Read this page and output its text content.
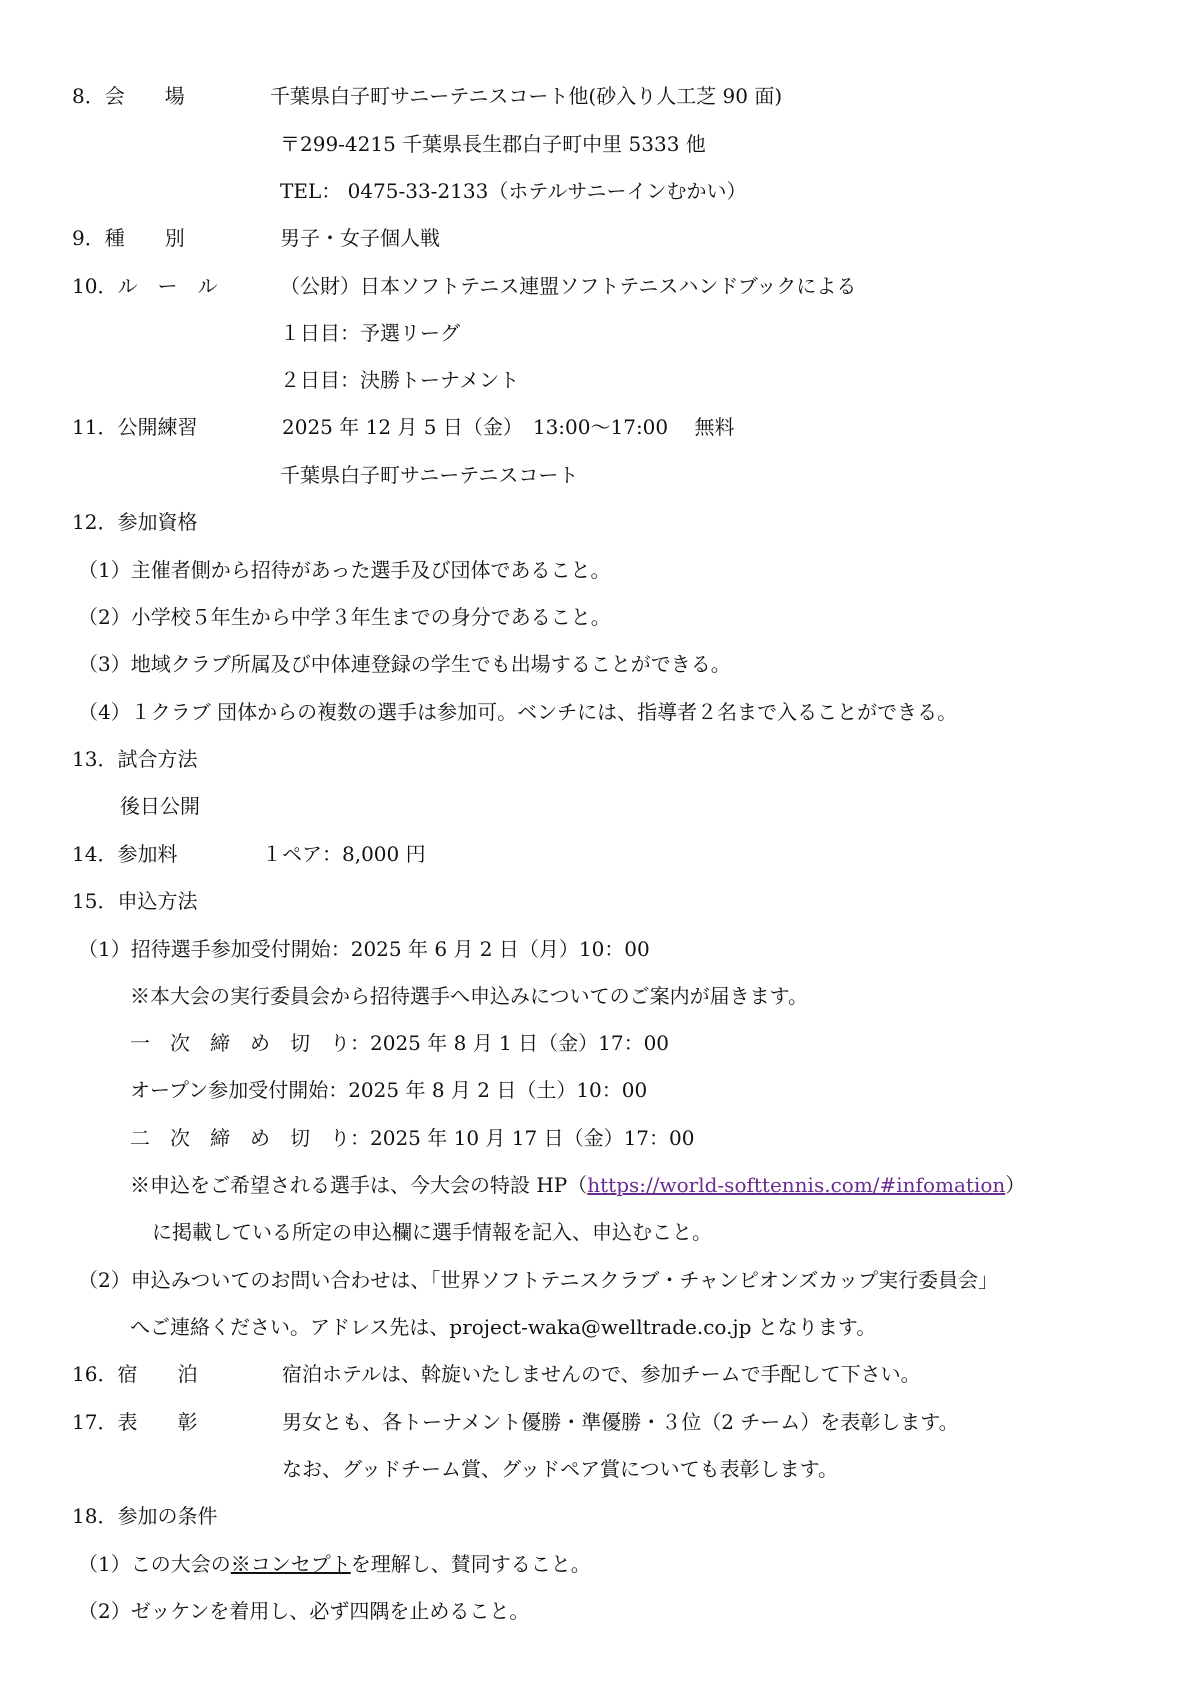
8．会　　場	千葉県白子町サニーテニスコート他(砂入り人工芝 90 面)
〒299-4215 千葉県長生郡白子町中里 5333 他
TEL： 0475-33-2133（ホテルサニーインむかい）
9．種　　別	男子・女子個人戦
10．ル　ー　ル	（公財）日本ソフトテニス連盟ソフトテニスハンドブックによる
１日目：予選リーグ
２日目：決勝トーナメント
11．公開練習	2025 年 12 月 5 日（金）　13:00～17:00　 無料
千葉県白子町サニーテニスコート
12．参加資格
（1）主催者側から招待があった選手及び団体であること。
（2）小学校５年生から中学３年生までの身分であること。
（3）地域クラブ所属及び中体連登録の学生でも出場することができる。
（4）１クラブ 団体からの複数の選手は参加可。ベンチには、指導者２名まで入ることができる。
13．試合方法
後日公開
14．参加料	１ペア：8,000 円
15．申込方法
（1）招待選手参加受付開始：2025 年 6 月 2 日（月）10：00
※本大会の実行委員会から招待選手へ申込みについてのご案内が届きます。
一　次　締　め　切　り：2025 年 8 月 1 日（金）17：00
オープン参加受付開始：2025 年 8 月 2 日（土）10：00
二　次　締　め　切　り：2025 年 10 月 17 日（金）17：00
※申込をご希望される選手は、今大会の特設 HP（https://world-softtennis.com/#infomation）
に掲載している所定の申込欄に選手情報を記入、申込むこと。
（2）申込みついてのお問い合わせは、「世界ソフトテニスクラブ・チャンピオンズカップ実行委員会」
へご連絡ください。アドレス先は、project-waka@welltrade.co.jp となります。
16．宿　　泊	宿泊ホテルは、斡旋いたしませんので、参加チームで手配して下さい。
17．表　　彰	男女とも、各トーナメント優勝・準優勝・３位（2 チーム）を表彰します。
なお、グッドチーム賞、グッドペア賞についても表彰します。
18．参加の条件
（1）この大会の※コンセプトを理解し、賛同すること。
（2）ゼッケンを着用し、必ず四隅を止めること。
